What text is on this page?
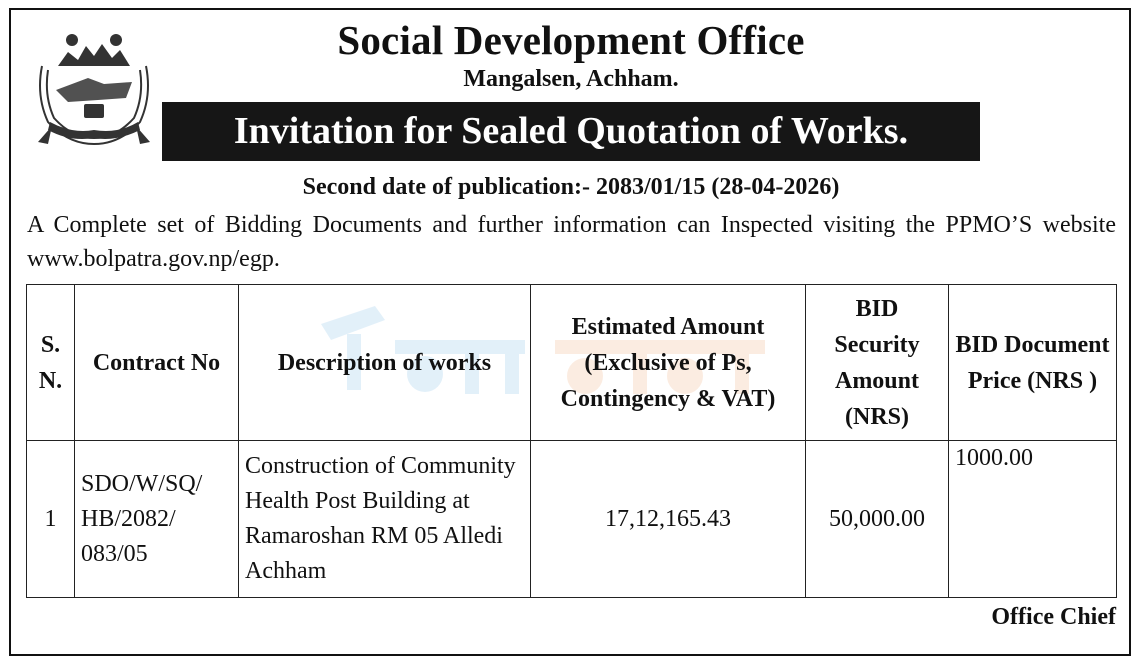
Social Development Office
Mangalsen, Achham.
Invitation for Sealed Quotation of Works.
Second date of publication:- 2083/01/15 (28-04-2026)
A Complete set of Bidding Documents and further information can Inspected visiting the PPMO’S website www.bolpatra.gov.np/egp.
S. N.	Contract No	Description of works	Estimated Amount (Exclusive of Ps, Contingency & VAT)	BID Security Amount (NRS)	BID Document Price (NRS )
1	SDO/W/SQ/ HB/2082/ 083/05	Construction of Community Health Post Building at Ramaroshan RM 05 Alledi Achham	17,12,165.43	50,000.00	1000.00
Office Chief
